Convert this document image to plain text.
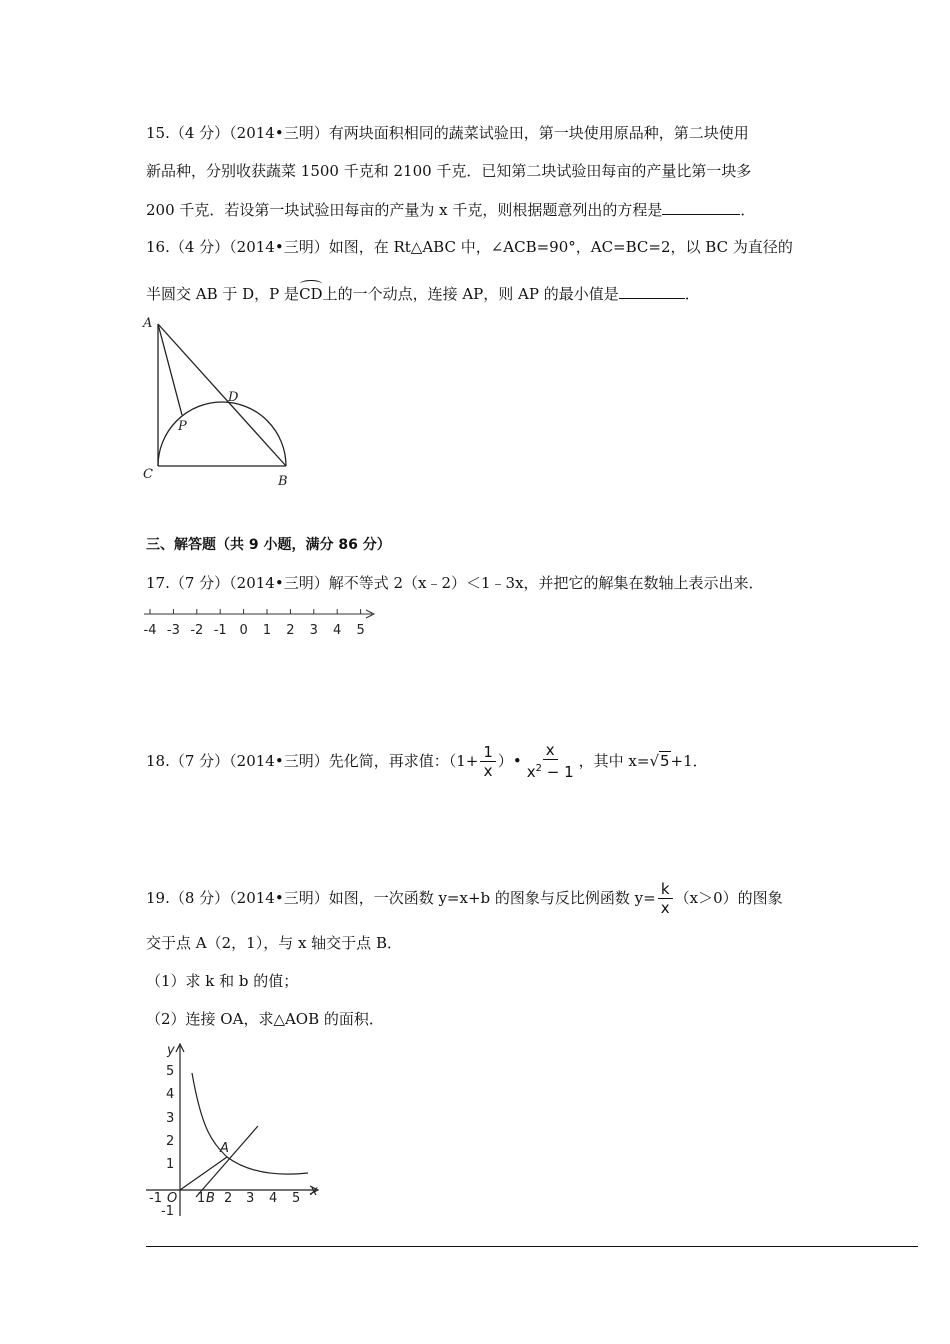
15.（4 分）（2014•三明）有两块面积相同的蔬菜试验田，第一块使用原品种，第二块使用
新品种，分别收获蔬菜 1500 千克和 2100 千克．已知第二块试验田每亩的产量比第一块多
200 千克．若设第一块试验田每亩的产量为 x 千克，则根据题意列出的方程是	．
16.（4 分）（2014•三明）如图，在 Rt△ABC 中，∠ACB=90°，AC=BC=2，以 BC 为直径的
半圆交 AB 于 D，P 是CD上的一个动点，连接 AP，则 AP 的最小值是	．
A
D
P
C	B
三、解答题（共 9 小题，满分 86 分）
17.（7 分）（2014•三明）解不等式 2（x﹣2）＜1﹣3x，并把它的解集在数轴上表示出来．
-4 -3 -2 -1 0 1 2 3 4 5
18.（7 分）（2014•三明）先化简，再求值：（$1+ \frac{1}{x}$ ）• $\frac{x}{x^2 - 1}$ ，其中 x= √5 +1．
19.（8 分）（2014•三明）如图，一次函数 y=x+b 的图象与反比例函数 $y= \frac{k}{x} (x>0)$的图象
交于点 A（2，1），与 x 轴交于点 B．
（1）求 k 和 b 的值；
（2）连接 OA，求△AOB 的面积．
y
x
5
4
3
2
1
-1
-1 O 1 B 2 3 4 5
A
